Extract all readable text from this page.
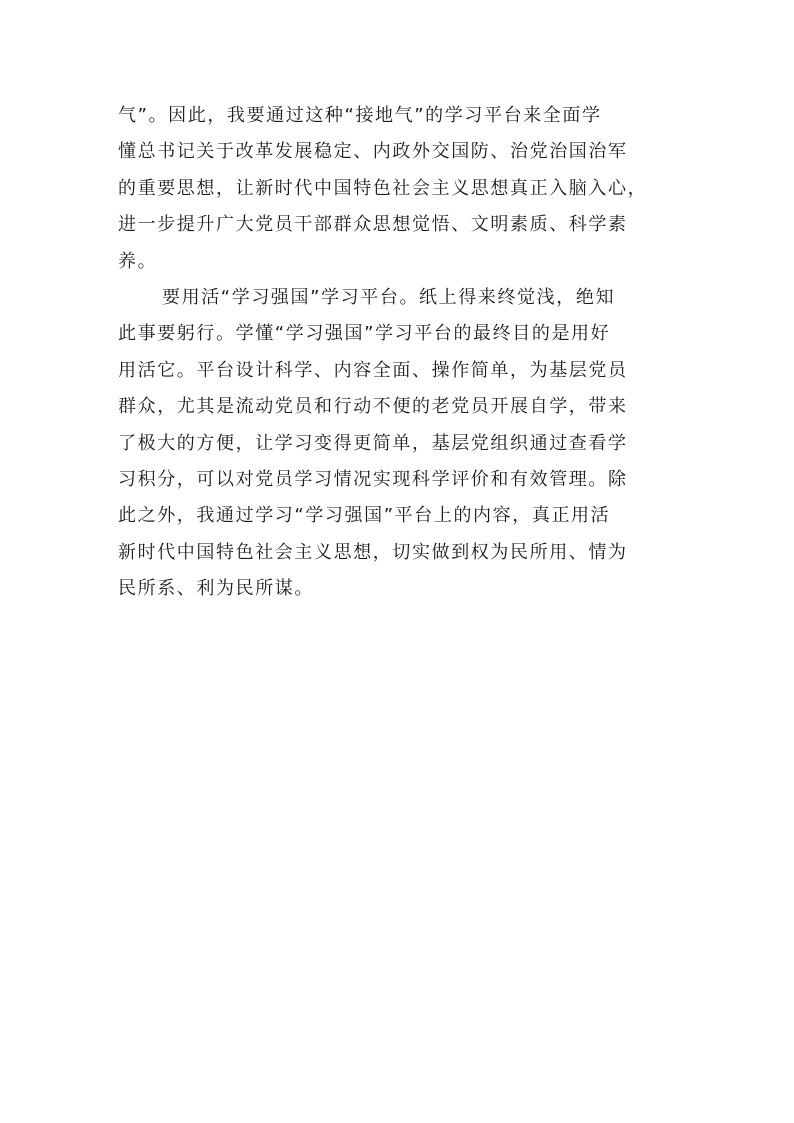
气”。因此，我要通过这种“接地气”的学习平台来全面学
懂总书记关于改革发展稳定、内政外交国防、治党治国治军
的重要思想，让新时代中国特色社会主义思想真正入脑入心，
进一步提升广大党员干部群众思想觉悟、文明素质、科学素
养。
要用活“学习强国”学习平台。纸上得来终觉浅，绝知
此事要躬行。学懂“学习强国”学习平台的最终目的是用好
用活它。平台设计科学、内容全面、操作简单，为基层党员
群众，尤其是流动党员和行动不便的老党员开展自学，带来
了极大的方便，让学习变得更简单，基层党组织通过查看学
习积分，可以对党员学习情况实现科学评价和有效管理。除
此之外，我通过学习“学习强国”平台上的内容，真正用活
新时代中国特色社会主义思想，切实做到权为民所用、情为
民所系、利为民所谋。
